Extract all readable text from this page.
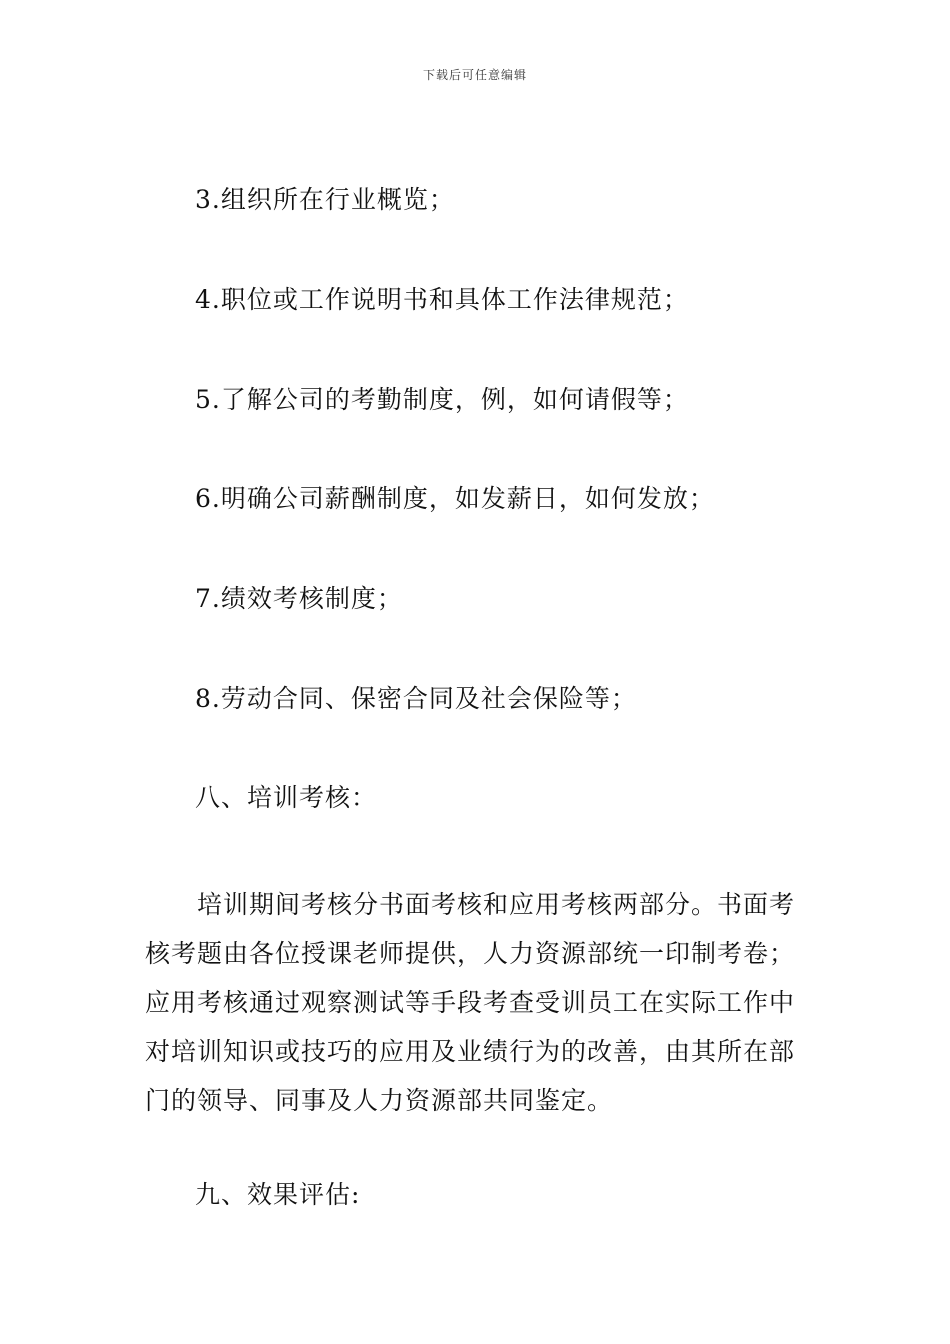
下载后可任意编辑
3.组织所在行业概览；
4.职位或工作说明书和具体工作法律规范；
5.了解公司的考勤制度，例，如何请假等；
6.明确公司薪酬制度，如发薪日，如何发放；
7.绩效考核制度；
8.劳动合同、保密合同及社会保险等；
八、培训考核：
培训期间考核分书面考核和应用考核两部分。书面考核考题由各位授课老师提供，人力资源部统一印制考卷；应用考核通过观察测试等手段考查受训员工在实际工作中对培训知识或技巧的应用及业绩行为的改善，由其所在部门的领导、同事及人力资源部共同鉴定。
九、效果评估:
